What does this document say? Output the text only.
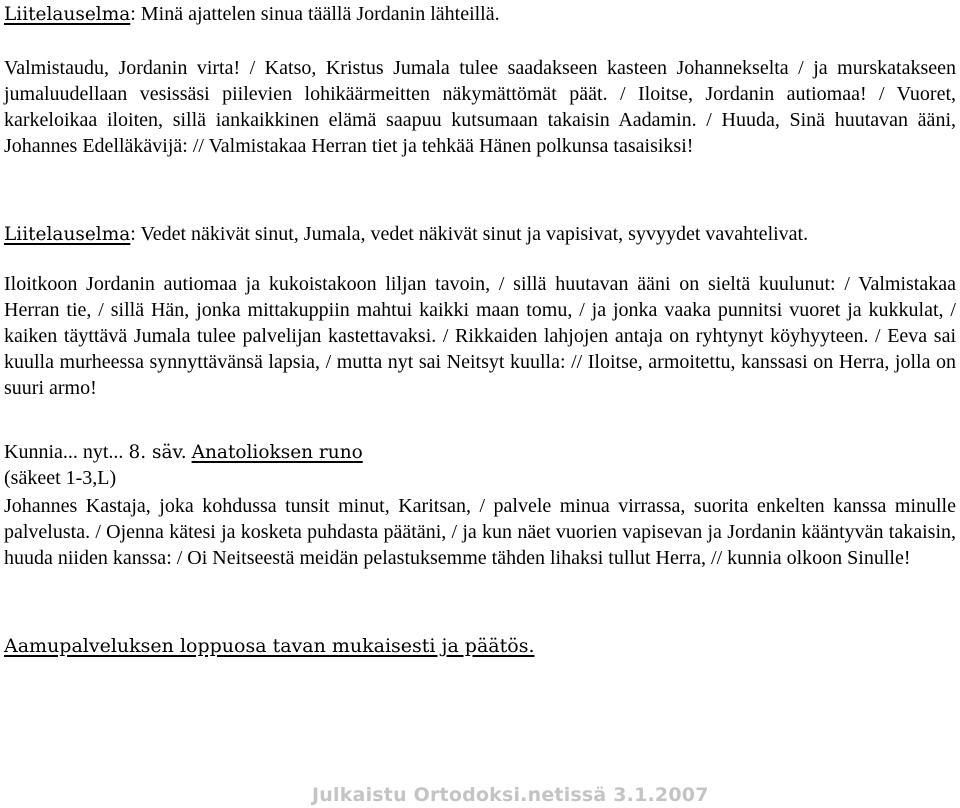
Liitelauselma: Minä ajattelen sinua täällä Jordanin lähteillä.

Valmistaudu, Jordanin virta! / Katso, Kristus Jumala tulee saadakseen kasteen Johannekselta / ja murskatakseen jumaluudellaan vesissäsi piilevien lohikäärmeitten näkymättömät päät. / Iloitse, Jordanin autiomaa! / Vuoret, karkeloikaa iloiten, sillä iankaikkinen elämä saapuu kutsumaan takaisin Aadamin. / Huuda, Sinä huutavan ääni, Johannes Edelläkävijä: // Valmistakaa Herran tiet ja tehkää Hänen polkunsa tasaisiksi!

Liitelauselma: Vedet näkivät sinut, Jumala, vedet näkivät sinut ja vapisivat, syvyydet vavahtelivat.

Iloitkoon Jordanin autiomaa ja kukoistakoon liljan tavoin, / sillä huutavan ääni on sieltä kuulunut: / Valmistakaa Herran tie, / sillä Hän, jonka mittakuppiin mahtui kaikki maan tomu, / ja jonka vaaka punnitsi vuoret ja kukkulat, / kaiken täyttävä Jumala tulee palvelijan kastettavaksi. / Rikkaiden lahjojen antaja on ryhtynyt köyhyyteen. / Eeva sai kuulla murheessa synnyttävänsä lapsia, / mutta nyt sai Neitsyt kuulla: // Iloitse, armoitettu, kanssasi on Herra, jolla on suuri armo!

Kunnia... nyt... 8. säv. Anatolioksen runo

(säkeet 1-3,L)

Johannes Kastaja, joka kohdussa tunsit minut, Karitsan, / palvele minua virrassa, suorita enkelten kanssa minulle palvelusta. / Ojenna kätesi ja kosketa puhdasta päätäni, / ja kun näet vuorien vapisevan ja Jordanin kääntyvän takaisin, huuda niiden kanssa: / Oi Neitseestä meidän pelastuksemme tähden lihaksi tullut Herra, // kunnia olkoon Sinulle!

Aamupalveluksen loppuosa tavan mukaisesti ja päätös.

Julkaistu Ortodoksi.netissä 3.1.2007
